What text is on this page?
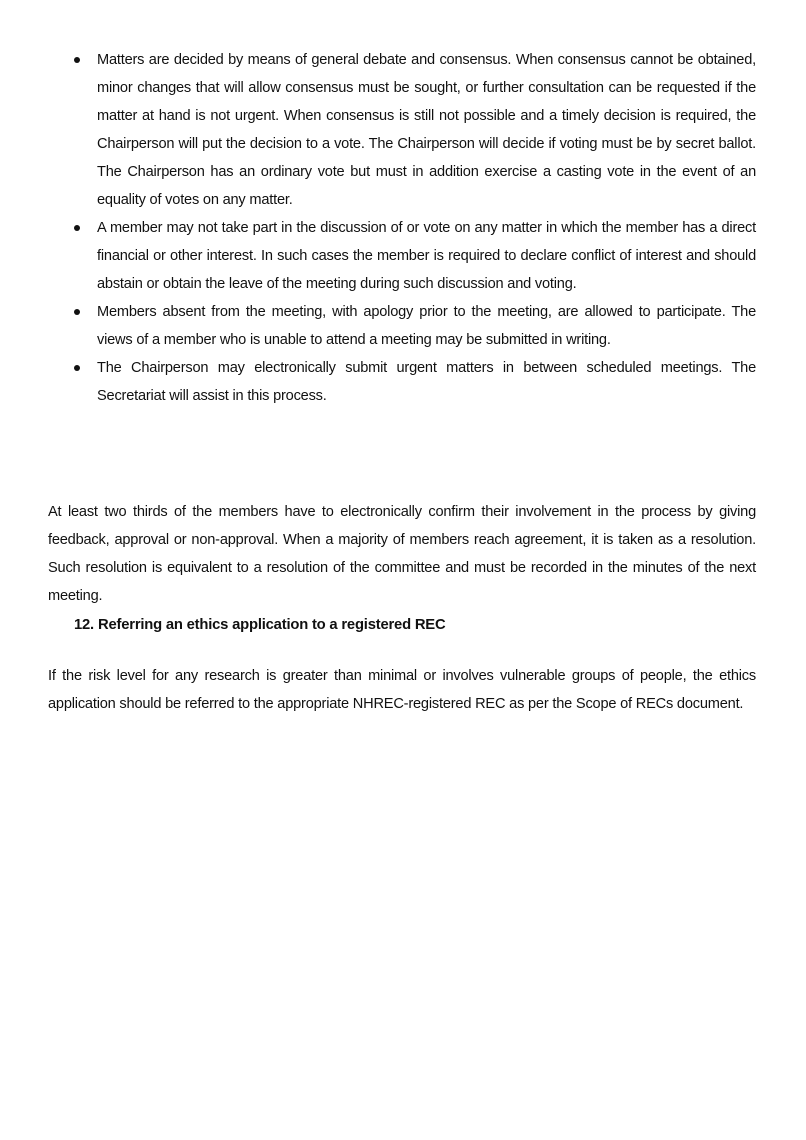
Matters are decided by means of general debate and consensus. When consensus cannot be obtained, minor changes that will allow consensus must be sought, or further consultation can be requested if the matter at hand is not urgent. When consensus is still not possible and a timely decision is required, the Chairperson will put the decision to a vote. The Chairperson will decide if voting must be by secret ballot. The Chairperson has an ordinary vote but must in addition exercise a casting vote in the event of an equality of votes on any matter.
A member may not take part in the discussion of or vote on any matter in which the member has a direct financial or other interest. In such cases the member is required to declare conflict of interest and should abstain or obtain the leave of the meeting during such discussion and voting.
Members absent from the meeting, with apology prior to the meeting, are allowed to participate. The views of a member who is unable to attend a meeting may be submitted in writing.
The Chairperson may electronically submit urgent matters in between scheduled meetings. The Secretariat will assist in this process.

At least two thirds of the members have to electronically confirm their involvement in the process by giving feedback, approval or non-approval. When a majority of members reach agreement, it is taken as a resolution. Such resolution is equivalent to a resolution of the committee and must be recorded in the minutes of the next meeting.

12. Referring an ethics application to a registered REC

If the risk level for any research is greater than minimal or involves vulnerable groups of people, the ethics application should be referred to the appropriate NHREC-registered REC as per the Scope of RECs document.
